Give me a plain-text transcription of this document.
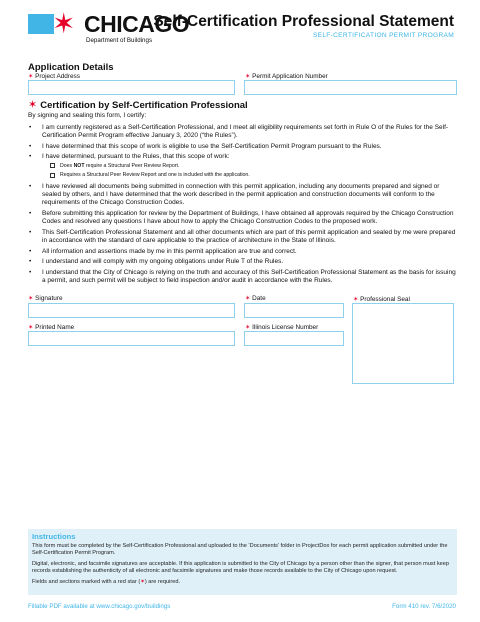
✶ CHICAGO
Department of Buildings
Self-Certification Professional Statement
SELF-CERTIFICATION PERMIT PROGRAM
Application Details
✶ Project Address	✶ Permit Application Number
✶ Certification by Self-Certification Professional
By signing and sealing this form, I certify:
• I am currently registered as a Self-Certification Professional, and I meet all eligibility requirements set forth in Rule O of the Rules for the Self-Certification Permit Program effective January 3, 2020 (“the Rules”).
• I have determined that this scope of work is eligible to use the Self-Certification Permit Program pursuant to the Rules.
• I have determined, pursuant to the Rules, that this scope of work:
Does NOT require a Structural Peer Review Report.
Requires a Structural Peer Review Report and one is included with the application.
• I have reviewed all documents being submitted in connection with this permit application, including any documents prepared and signed or sealed by others, and I have determined that the work described in the permit application and construction documents will conform to the requirements of the Chicago Construction Codes.
• Before submitting this application for review by the Department of Buildings, I have obtained all approvals required by the Chicago Construction Codes and resolved any questions I have about how to apply the Chicago Construction Codes to the proposed work.
• This Self-Certification Professional Statement and all other documents which are part of this permit application and sealed by me were prepared in accordance with the standard of care applicable to the practice of architecture in the State of Illinois.
• All information and assertions made by me in this permit application are true and correct.
• I understand and will comply with my ongoing obligations under Rule T of the Rules.
• I understand that the City of Chicago is relying on the truth and accuracy of this Self-Certification Professional Statement as the basis for issuing a permit, and such permit will be subject to field inspection and/or audit in accordance with the Rules.
✶ Signature	✶ Date	✶ Professional Seal
✶ Printed Name	✶ Illinois License Number
Instructions

This form must be completed by the Self-Certification Professional and uploaded to the ‘Documents’ folder in ProjectDox for each permit application submitted under the Self-Certification Permit Program.

Digital, electronic, and facsimile signatures are acceptable. If this application is submitted to the City of Chicago by a person other than the signer, that person must keep records establishing the authenticity of all electronic and facsimile signatures and make those records available to the City of Chicago upon request.

Fields and sections marked with a red star (✶) are required.

Fillable PDF available at www.chicago.gov/buildings	Form 410 rev. 7/6/2020
